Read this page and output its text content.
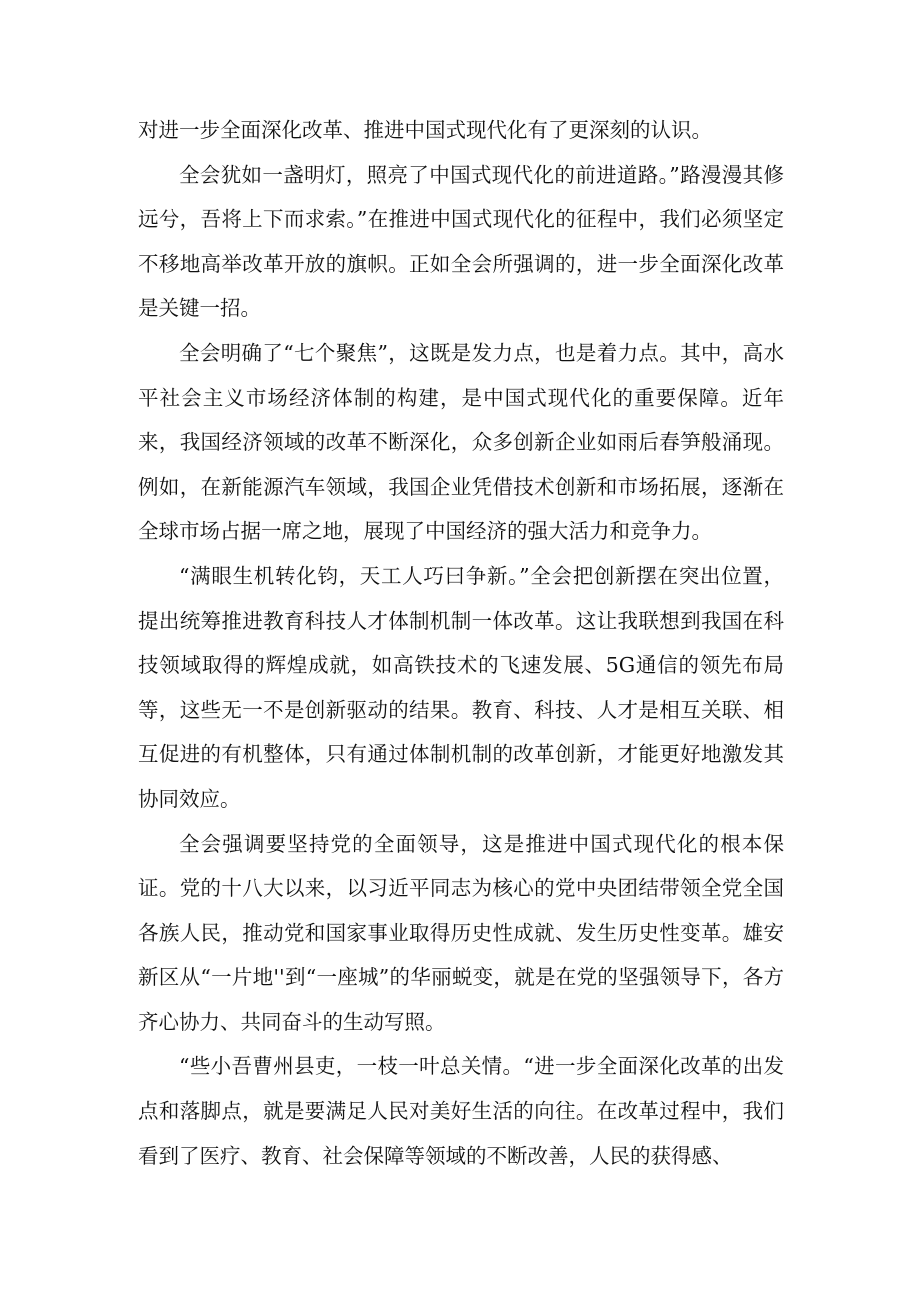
对进一步全面深化改革、推进中国式现代化有了更深刻的认识。

全会犹如一盏明灯，照亮了中国式现代化的前进道路。”路漫漫其修远兮，吾将上下而求索。”在推进中国式现代化的征程中，我们必须坚定不移地高举改革开放的旗帜。正如全会所强调的，进一步全面深化改革是关键一招。

全会明确了“七个聚焦”，这既是发力点，也是着力点。其中，高水平社会主义市场经济体制的构建，是中国式现代化的重要保障。近年来，我国经济领域的改革不断深化，众多创新企业如雨后春笋般涌现。例如，在新能源汽车领域，我国企业凭借技术创新和市场拓展，逐渐在全球市场占据一席之地，展现了中国经济的强大活力和竞争力。

“满眼生机转化钧，天工人巧曰争新。”全会把创新摆在突出位置，提出统筹推进教育科技人才体制机制一体改革。这让我联想到我国在科技领域取得的辉煌成就，如高铁技术的飞速发展、5G通信的领先布局等，这些无一不是创新驱动的结果。教育、科技、人才是相互关联、相互促进的有机整体，只有通过体制机制的改革创新，才能更好地激发其协同效应。

全会强调要坚持党的全面领导，这是推进中国式现代化的根本保证。党的十八大以来，以习近平同志为核心的党中央团结带领全党全国各族人民，推动党和国家事业取得历史性成就、发生历史性变革。雄安新区从“一片地''到“一座城”的华丽蜕变，就是在党的坚强领导下，各方齐心协力、共同奋斗的生动写照。

“些小吾曹州县吏，一枝一叶总关情。“进一步全面深化改革的出发点和落脚点，就是要满足人民对美好生活的向往。在改革过程中，我们看到了医疗、教育、社会保障等领域的不断改善，人民的获得感、
